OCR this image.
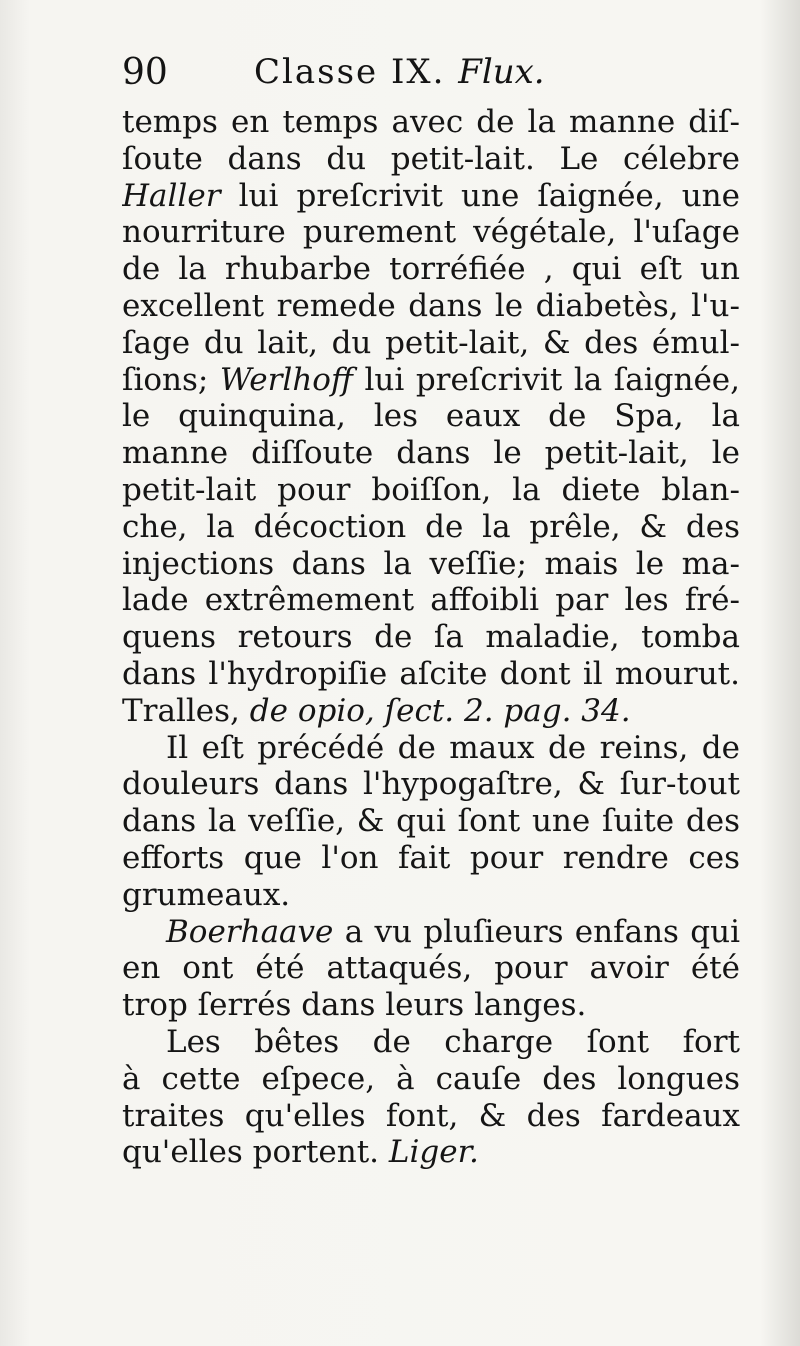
90	Classe IX. Flux.
temps en temps avec de la manne diſ-
ſoute dans du petit-lait. Le célebre
Haller lui preſcrivit une ſaignée, une
nourriture purement végétale, l'uſage
de la rhubarbe torréfiée , qui eſt un
excellent remede dans le diabetès, l'u-
ſage du lait, du petit-lait, & des émul-
ſions; Werlhoff lui preſcrivit la ſaignée,
le quinquina, les eaux de Spa, la
manne diſſoute dans le petit-lait, le
petit-lait pour boiſſon, la diete blan-
che, la décoction de la prêle, & des
injections dans la veſſie; mais le ma-
lade extrêmement affoibli par les fré-
quens retours de ſa maladie, tomba
dans l'hydropiſie aſcite dont il mourut.
Tralles, de opio, ſect. 2. pag. 34.
Il eſt précédé de maux de reins, de
douleurs dans l'hypogaſtre, & ſur-tout
dans la veſſie, & qui ſont une ſuite des
efforts que l'on fait pour rendre ces
grumeaux.
Boerhaave a vu pluſieurs enfans qui
en ont été attaqués, pour avoir été
trop ſerrés dans leurs langes.
Les bêtes de charge ſont fort
à cette eſpece, à cauſe des longues
traites qu'elles font, & des fardeaux
qu'elles portent. Liger.
